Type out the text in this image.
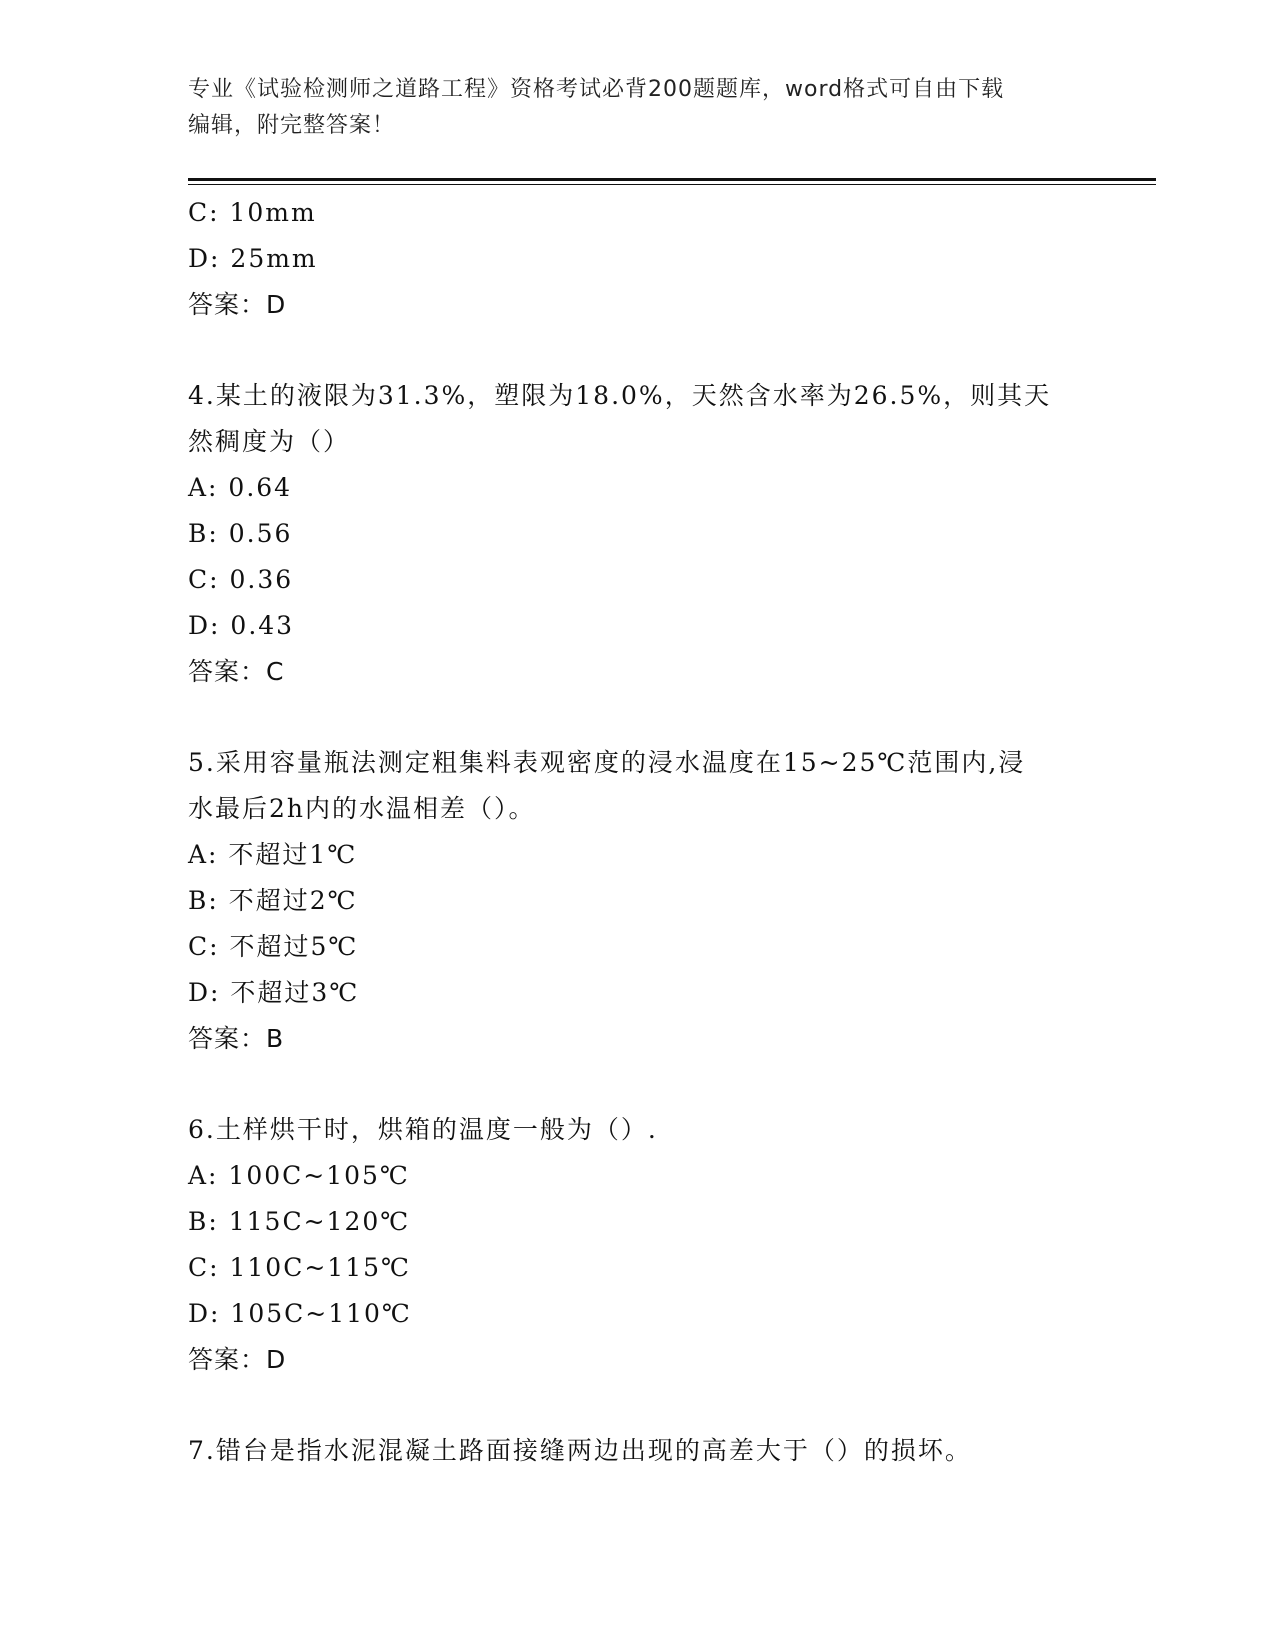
专业《试验检测师之道路工程》资格考试必背200题题库，word格式可自由下载
编辑，附完整答案！
C: 10mm
D: 25mm
答案：D
4.某土的液限为31.3%，塑限为18.0%，天然含水率为26.5%，则其天
然稠度为（）
A: 0.64
B: 0.56
C: 0.36
D: 0.43
答案：C
5.采用容量瓶法测定粗集料表观密度的浸水温度在15~25℃范围内,浸
水最后2h内的水温相差（）。
A: 不超过1℃
B: 不超过2℃
C: 不超过5℃
D: 不超过3℃
答案：B
6.土样烘干时，烘箱的温度一般为（）.
A: 100C~105℃
B: 115C~120℃
C: 110C~115℃
D: 105C~110℃
答案：D
7.错台是指水泥混凝土路面接缝两边出现的高差大于（）的损坏。
